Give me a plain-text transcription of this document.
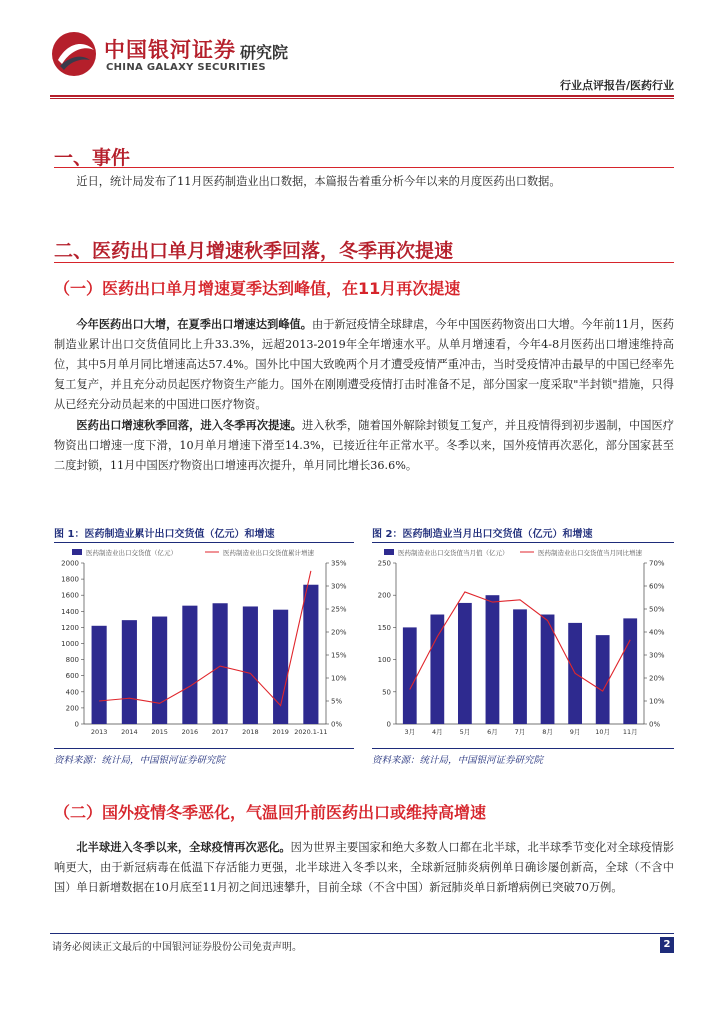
中国银河证券
CHINA GALAXY SECURITIES
研究院
行业点评报告/医药行业
一、事件

近日，统计局发布了11月医药制造业出口数据，本篇报告着重分析今年以来的月度医药出口数据。

二、医药出口单月增速秋季回落，冬季再次提速
（一）医药出口单月增速夏季达到峰值，在11月再次提速

今年医药出口大增，在夏季出口增速达到峰值。由于新冠疫情全球肆虐，今年中国医药物资出口大增。今年前11月，医药制造业累计出口交货值同比上升33.3%，远超2013-2019年全年增速水平。从单月增速看，今年4-8月医药出口增速维持高位，其中5月单月同比增速高达57.4%。国外比中国大致晚两个月才遭受疫情严重冲击，当时受疫情冲击最早的中国已经率先复工复产，并且充分动员起医疗物资生产能力。国外在刚刚遭受疫情打击时准备不足，部分国家一度采取"半封锁"措施，只得从已经充分动员起来的中国进口医疗物资。

医药出口增速秋季回落，进入冬季再次提速。进入秋季，随着国外解除封锁复工复产，并且疫情得到初步遏制，中国医疗物资出口增速一度下滑，10月单月增速下滑至14.3%，已接近往年正常水平。冬季以来，国外疫情再次恶化，部分国家甚至二度封锁，11月中国医疗物资出口增速再次提升，单月同比增长36.6%。

图 1：医药制造业累计出口交货值（亿元）和增速
医药制造业出口交货值（亿元）	医药制造业出口交货值累计增速
0
200
400
600
800
1000
1200
1400
1600
1800
2000
0%
5%
10%
15%
20%
25%
30%
35%
2013 2014 2015 2016 2017 2018 2019 2020.1-11
资料来源：统计局，中国银河证券研究院
图 2：医药制造业当月出口交货值（亿元）和增速
医药制造业出口交货值当月值（亿元）	医药制造业出口交货值当月同比增速
0
50
100
150
200
250
0%
10%
20%
30%
40%
50%
60%
70%
3月	4月	5月	6月	7月	8月	9月 10月 11月
资料来源：统计局，中国银河证券研究院
（二）国外疫情冬季恶化，气温回升前医药出口或维持高增速

北半球进入冬季以来，全球疫情再次恶化。因为世界主要国家和绝大多数人口都在北半球，北半球季节变化对全球疫情影响更大，由于新冠病毒在低温下存活能力更强，北半球进入冬季以来，全球新冠肺炎病例单日确诊屡创新高，全球（不含中国）单日新增数据在10月底至11月初之间迅速攀升，目前全球（不含中国）新冠肺炎单日新增病例已突破70万例。

请务必阅读正文最后的中国银河证券股份公司免责声明。	2
